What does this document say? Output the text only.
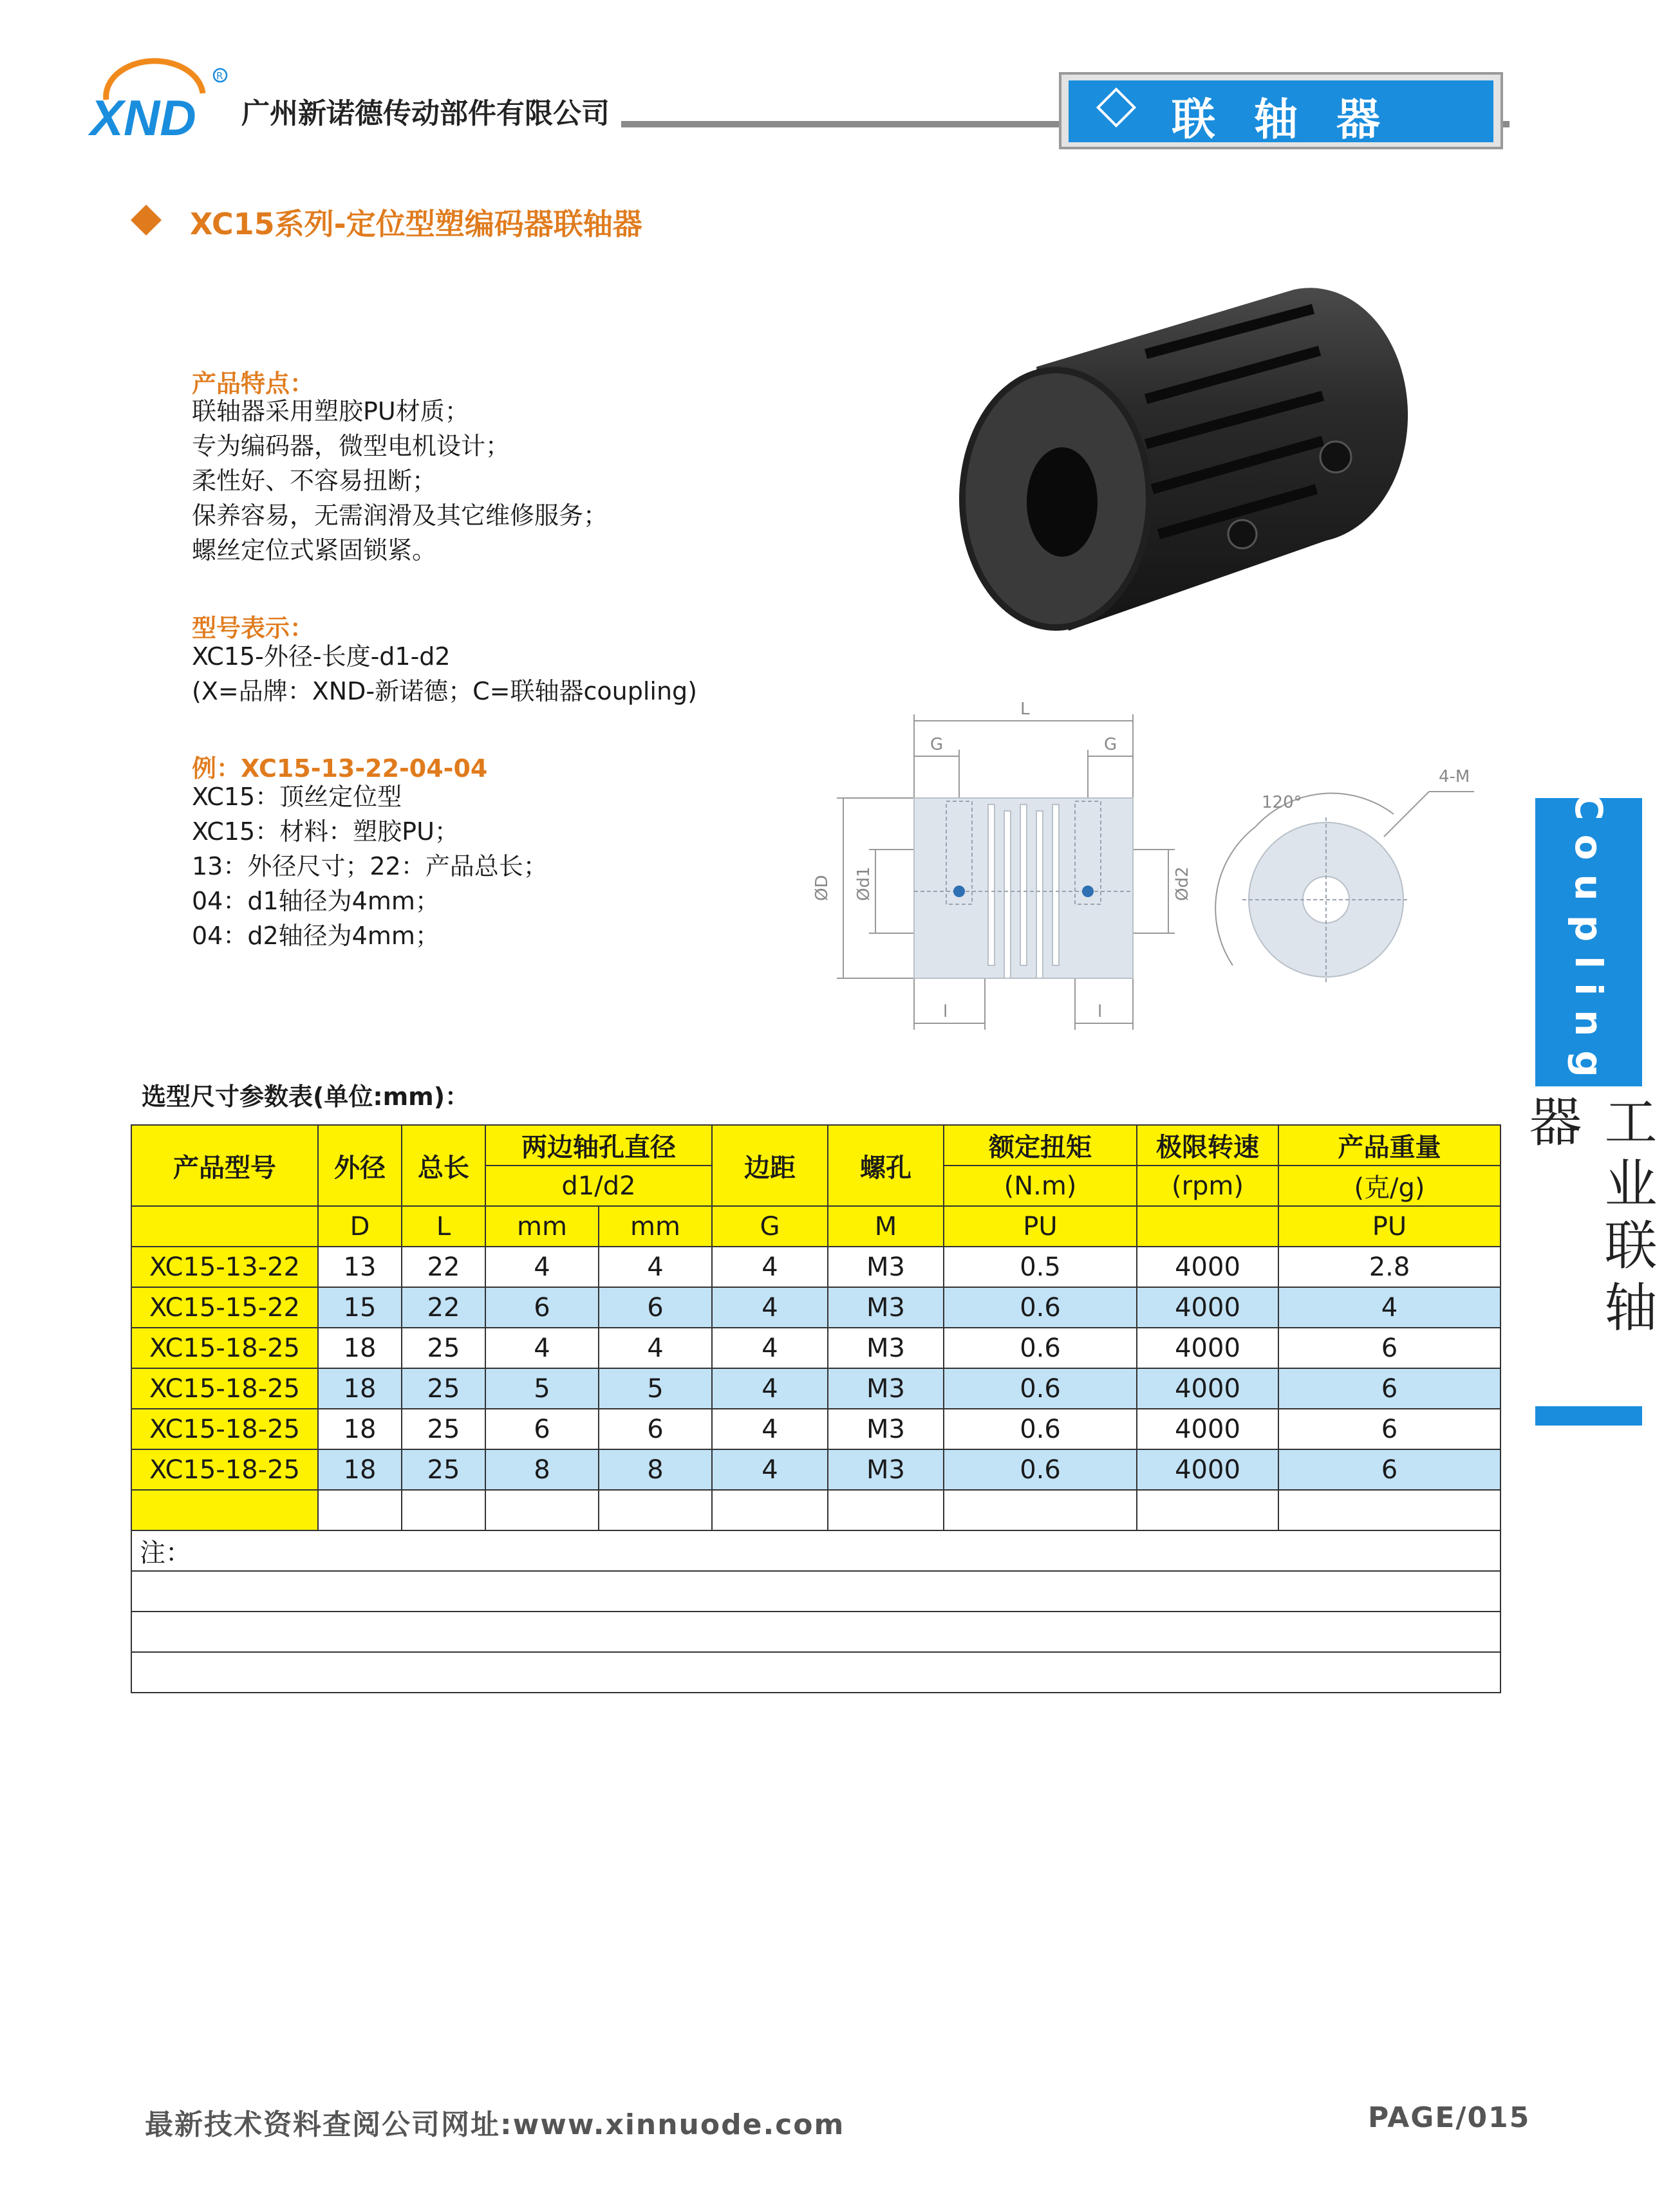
XND
R
广州新诺德传动部件有限公司	联轴器
XC15系列-定位型塑编码器联轴器
产品特点：
联轴器采用塑胶PU材质；
专为编码器，微型电机设计；
柔性好、不容易扭断；
保养容易，无需润滑及其它维修服务；
螺丝定位式紧固锁紧。
型号表示：
XC15-外径-长度-d1-d2
(X=品牌：XND-新诺德；C=联轴器coupling)
例：XC15-13-22-04-04
XC15：顶丝定位型
XC15：材料：塑胶PU；
13：外径尺寸；22：产品总长；
04：d1轴径为4mm；
04：d2轴径为4mm；
L
G	G
l	l
ØD Ød1	Ød2
120°
4-M
Coupling
工业联轴器
选型尺寸参数表(单位:mm)：
产品型号	外径	总长	两边轴孔直径		边距	螺孔	额定扭矩	极限转速	产品重量
			d1/d2				(N.m)	(rpm)	(克/g)
	D	L	mm	mm	G	M	PU		PU
XC15-13-22	13	22	4	4	4	M3	0.5	4000	2.8
XC15-15-22	15	22	6	6	4	M3	0.6	4000	4
XC15-18-25	18	25	4	4	4	M3	0.6	4000	6
XC15-18-25	18	25	5	5	4	M3	0.6	4000	6
XC15-18-25	18	25	6	6	4	M3	0.6	4000	6
XC15-18-25	18	25	8	8	4	M3	0.6	4000	6

注：									

最新技术资料查阅公司网址:www.xinnuode.com	PAGE/015
